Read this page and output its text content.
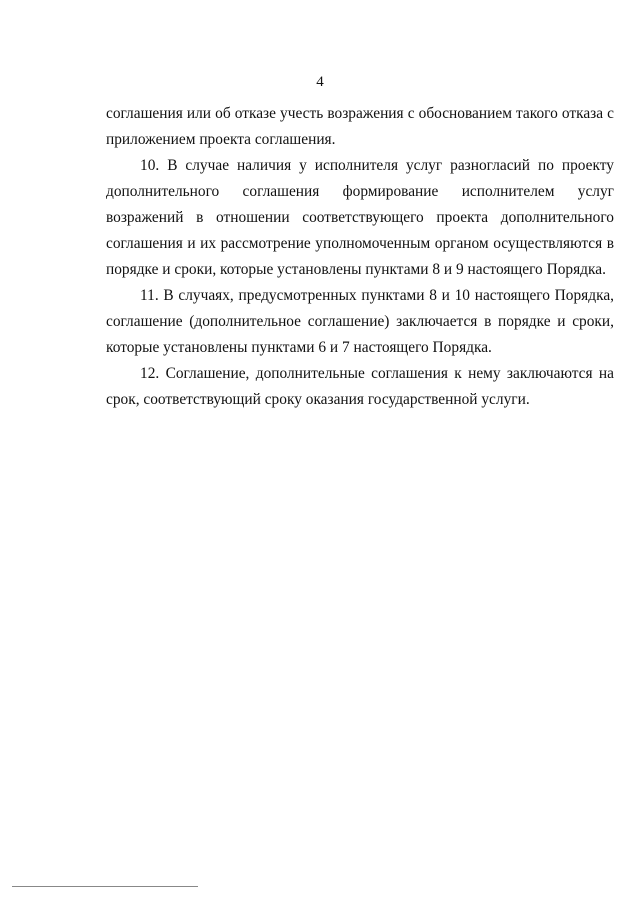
4

соглашения или об отказе учесть возражения с обоснованием такого отказа с приложением проекта соглашения.

10. В случае наличия у исполнителя услуг разногласий по проекту дополнительного соглашения формирование исполнителем услуг возражений в отношении соответствующего проекта дополнительного соглашения и их рассмотрение уполномоченным органом осуществляются в порядке и сроки, которые установлены пунктами 8 и 9 настоящего Порядка.

11. В случаях, предусмотренных пунктами 8 и 10 настоящего Порядка, соглашение (дополнительное соглашение) заключается в порядке и сроки, которые установлены пунктами 6 и 7 настоящего Порядка.

12. Соглашение, дополнительные соглашения к нему заключаются на срок, соответствующий сроку оказания государственной услуги.
